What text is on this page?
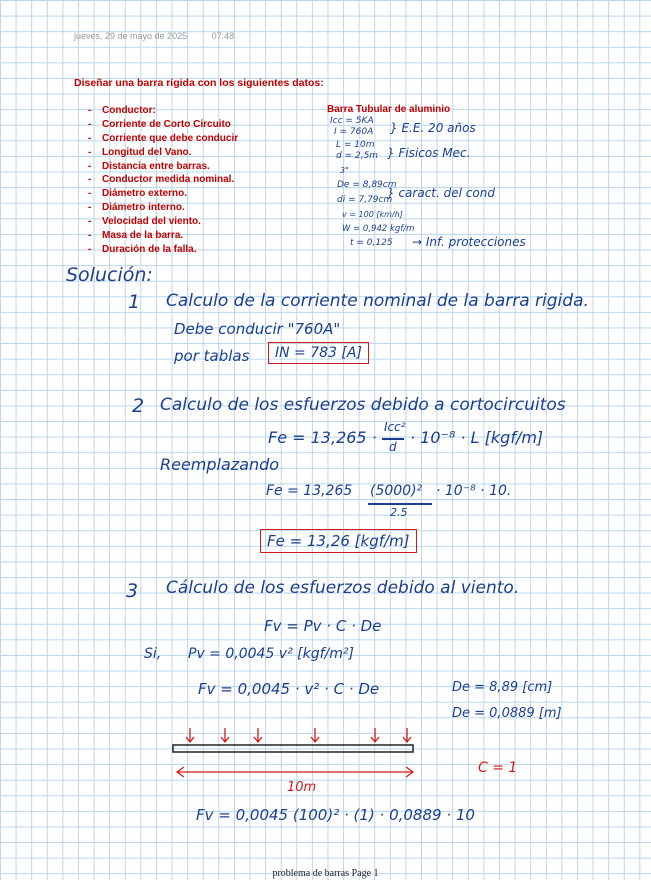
jueves, 29 de mayo de 2025	07:48
Diseñar una barra rígida con los siguientes datos:
- Conductor:
- Corriente de Corto Circuito
- Corriente que debe conducir
- Longitud del Vano.
- Distancia entre barras.
- Conductor medida nominal.
- Diámetro externo.
- Diámetro interno.
- Velocidad del viento.
- Masa de la barra.
- Duración de la falla.
Barra Tubular de aluminio
Icc = 5KA
I = 760A } E.E. 20 años
L = 10m
d = 2,5m } Fisicos Mec.
3"
De = 8,89cm
di = 7,79cm
} caract. del cond
v = 100 [km/h]
W = 0,942 kgf/m
t = 0,125 → Inf. protecciones
Solución:
1 Calculo de la corriente nominal de la barra rigida.
Debe conducir "760A"
por tablas	IN = 783 [A]
2 Calculo de los esfuerzos debido a cortocircuitos
Fe = 13,265 ·
Icc²
d · 10⁻⁸ · L [kgf/m]
Reemplazando
Fe = 13,265 (5000)²
2.5
· 10⁻⁸ · 10.
Fe = 13,26 [kgf/m]
3 Cálculo de los esfuerzos debido al viento.
Fv = Pv · C · De
Si, Pv = 0,0045 v² [kgf/m²]
Fv = 0,0045 · v² · C · De	De = 8,89 [cm]
De = 0,0889 [m]
C = 1
10m
Fv = 0,0045 (100)² · (1) · 0,0889 · 10
problema de barras Page 1
